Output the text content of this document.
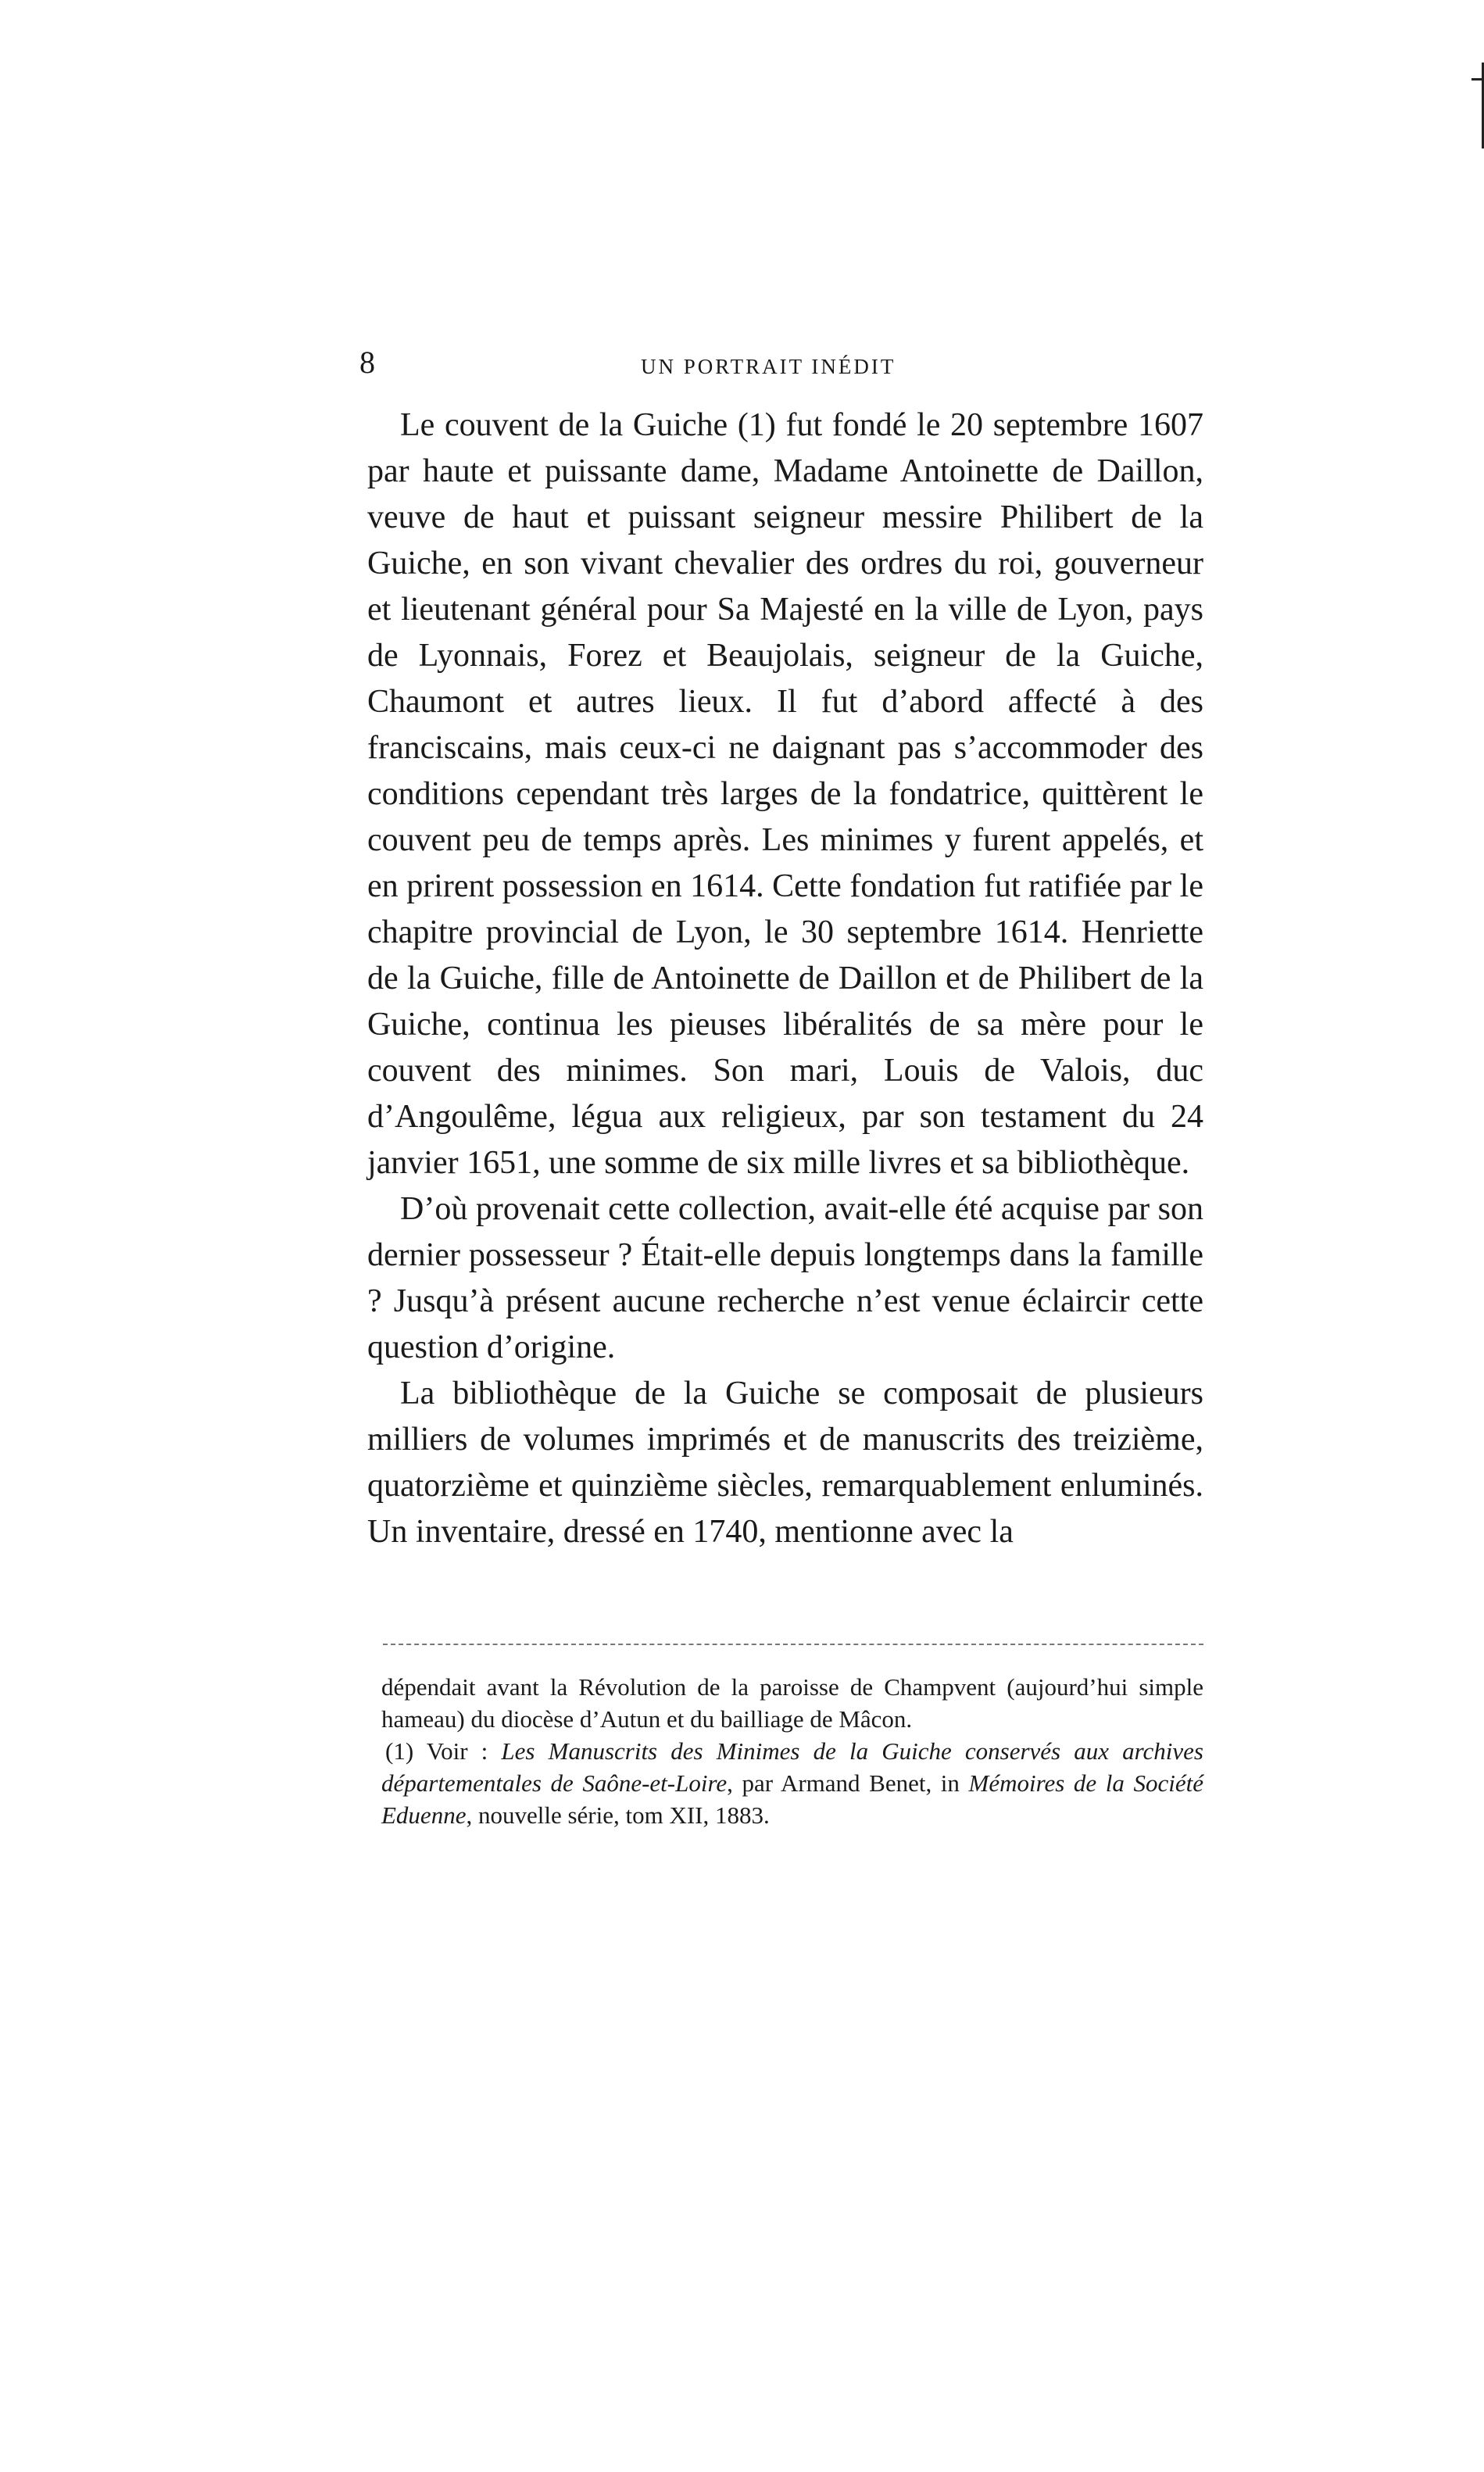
8	UN PORTRAIT INÉDIT

Le couvent de la Guiche (1) fut fondé le 20 septembre 1607 par haute et puissante dame, Madame Antoinette de Daillon, veuve de haut et puissant seigneur messire Philibert de la Guiche, en son vivant chevalier des ordres du roi, gouverneur et lieutenant général pour Sa Majesté en la ville de Lyon, pays de Lyonnais, Forez et Beaujolais, seigneur de la Guiche, Chaumont et autres lieux. Il fut d’abord affecté à des franciscains, mais ceux-ci ne daignant pas s’accommoder des conditions cependant très larges de la fondatrice, quittèrent le couvent peu de temps après. Les minimes y furent appelés, et en prirent possession en 1614. Cette fondation fut ratifiée par le chapitre provincial de Lyon, le 30 septembre 1614. Henriette de la Guiche, fille de Antoinette de Daillon et de Philibert de la Guiche, continua les pieuses libéralités de sa mère pour le couvent des minimes. Son mari, Louis de Valois, duc d’Angoulême, légua aux religieux, par son testament du 24 janvier 1651, une somme de six mille livres et sa bibliothèque.

D’où provenait cette collection, avait-elle été acquise par son dernier possesseur ? Était-elle depuis longtemps dans la famille ? Jusqu’à présent aucune recherche n’est venue éclaircir cette question d’origine.

La bibliothèque de la Guiche se composait de plusieurs milliers de volumes imprimés et de manuscrits des treizième, quatorzième et quinzième siècles, remarquablement enluminés. Un inventaire, dressé en 1740, mentionne avec la

dépendait avant la Révolution de la paroisse de Champvent (aujourd’hui simple hameau) du diocèse d’Autun et du bailliage de Mâcon.

(1) Voir : Les Manuscrits des Minimes de la Guiche conservés aux archives départementales de Saône-et-Loire, par Armand Benet, in Mémoires de la Société Eduenne, nouvelle série, tom XII, 1883.
